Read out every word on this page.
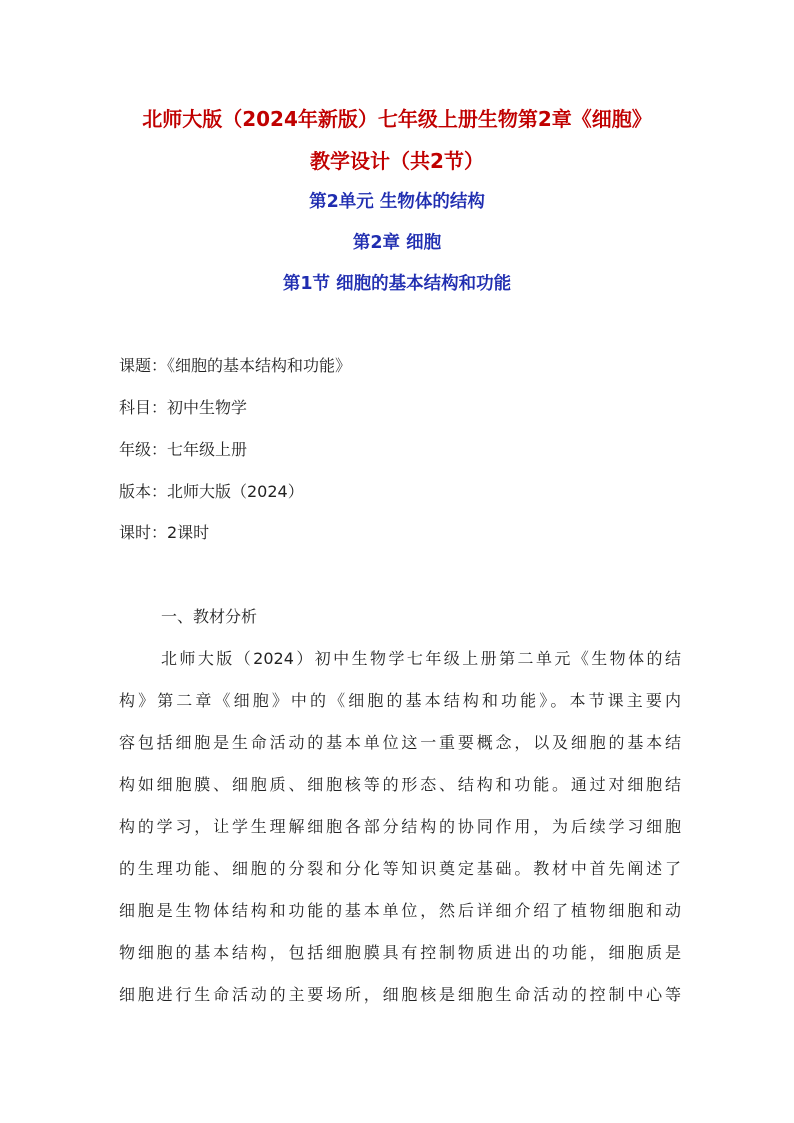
北师大版（2024年新版）七年级上册生物第2章《细胞》
教学设计（共2节）
第2单元 生物体的结构
第2章 细胞
第1节 细胞的基本结构和功能
课题：《细胞的基本结构和功能》
科目：初中生物学
年级：七年级上册
版本：北师大版（2024）
课时：2课时
一、教材分析
北师大版（2024）初中生物学七年级上册第二单元《生物体的结
构》第二章《细胞》中的《细胞的基本结构和功能》。本节课主要内
容包括细胞是生命活动的基本单位这一重要概念，以及细胞的基本结
构如细胞膜、细胞质、细胞核等的形态、结构和功能。通过对细胞结
构的学习，让学生理解细胞各部分结构的协同作用，为后续学习细胞
的生理功能、细胞的分裂和分化等知识奠定基础。教材中首先阐述了
细胞是生物体结构和功能的基本单位，然后详细介绍了植物细胞和动
物细胞的基本结构，包括细胞膜具有控制物质进出的功能，细胞质是
细胞进行生命活动的主要场所，细胞核是细胞生命活动的控制中心等
